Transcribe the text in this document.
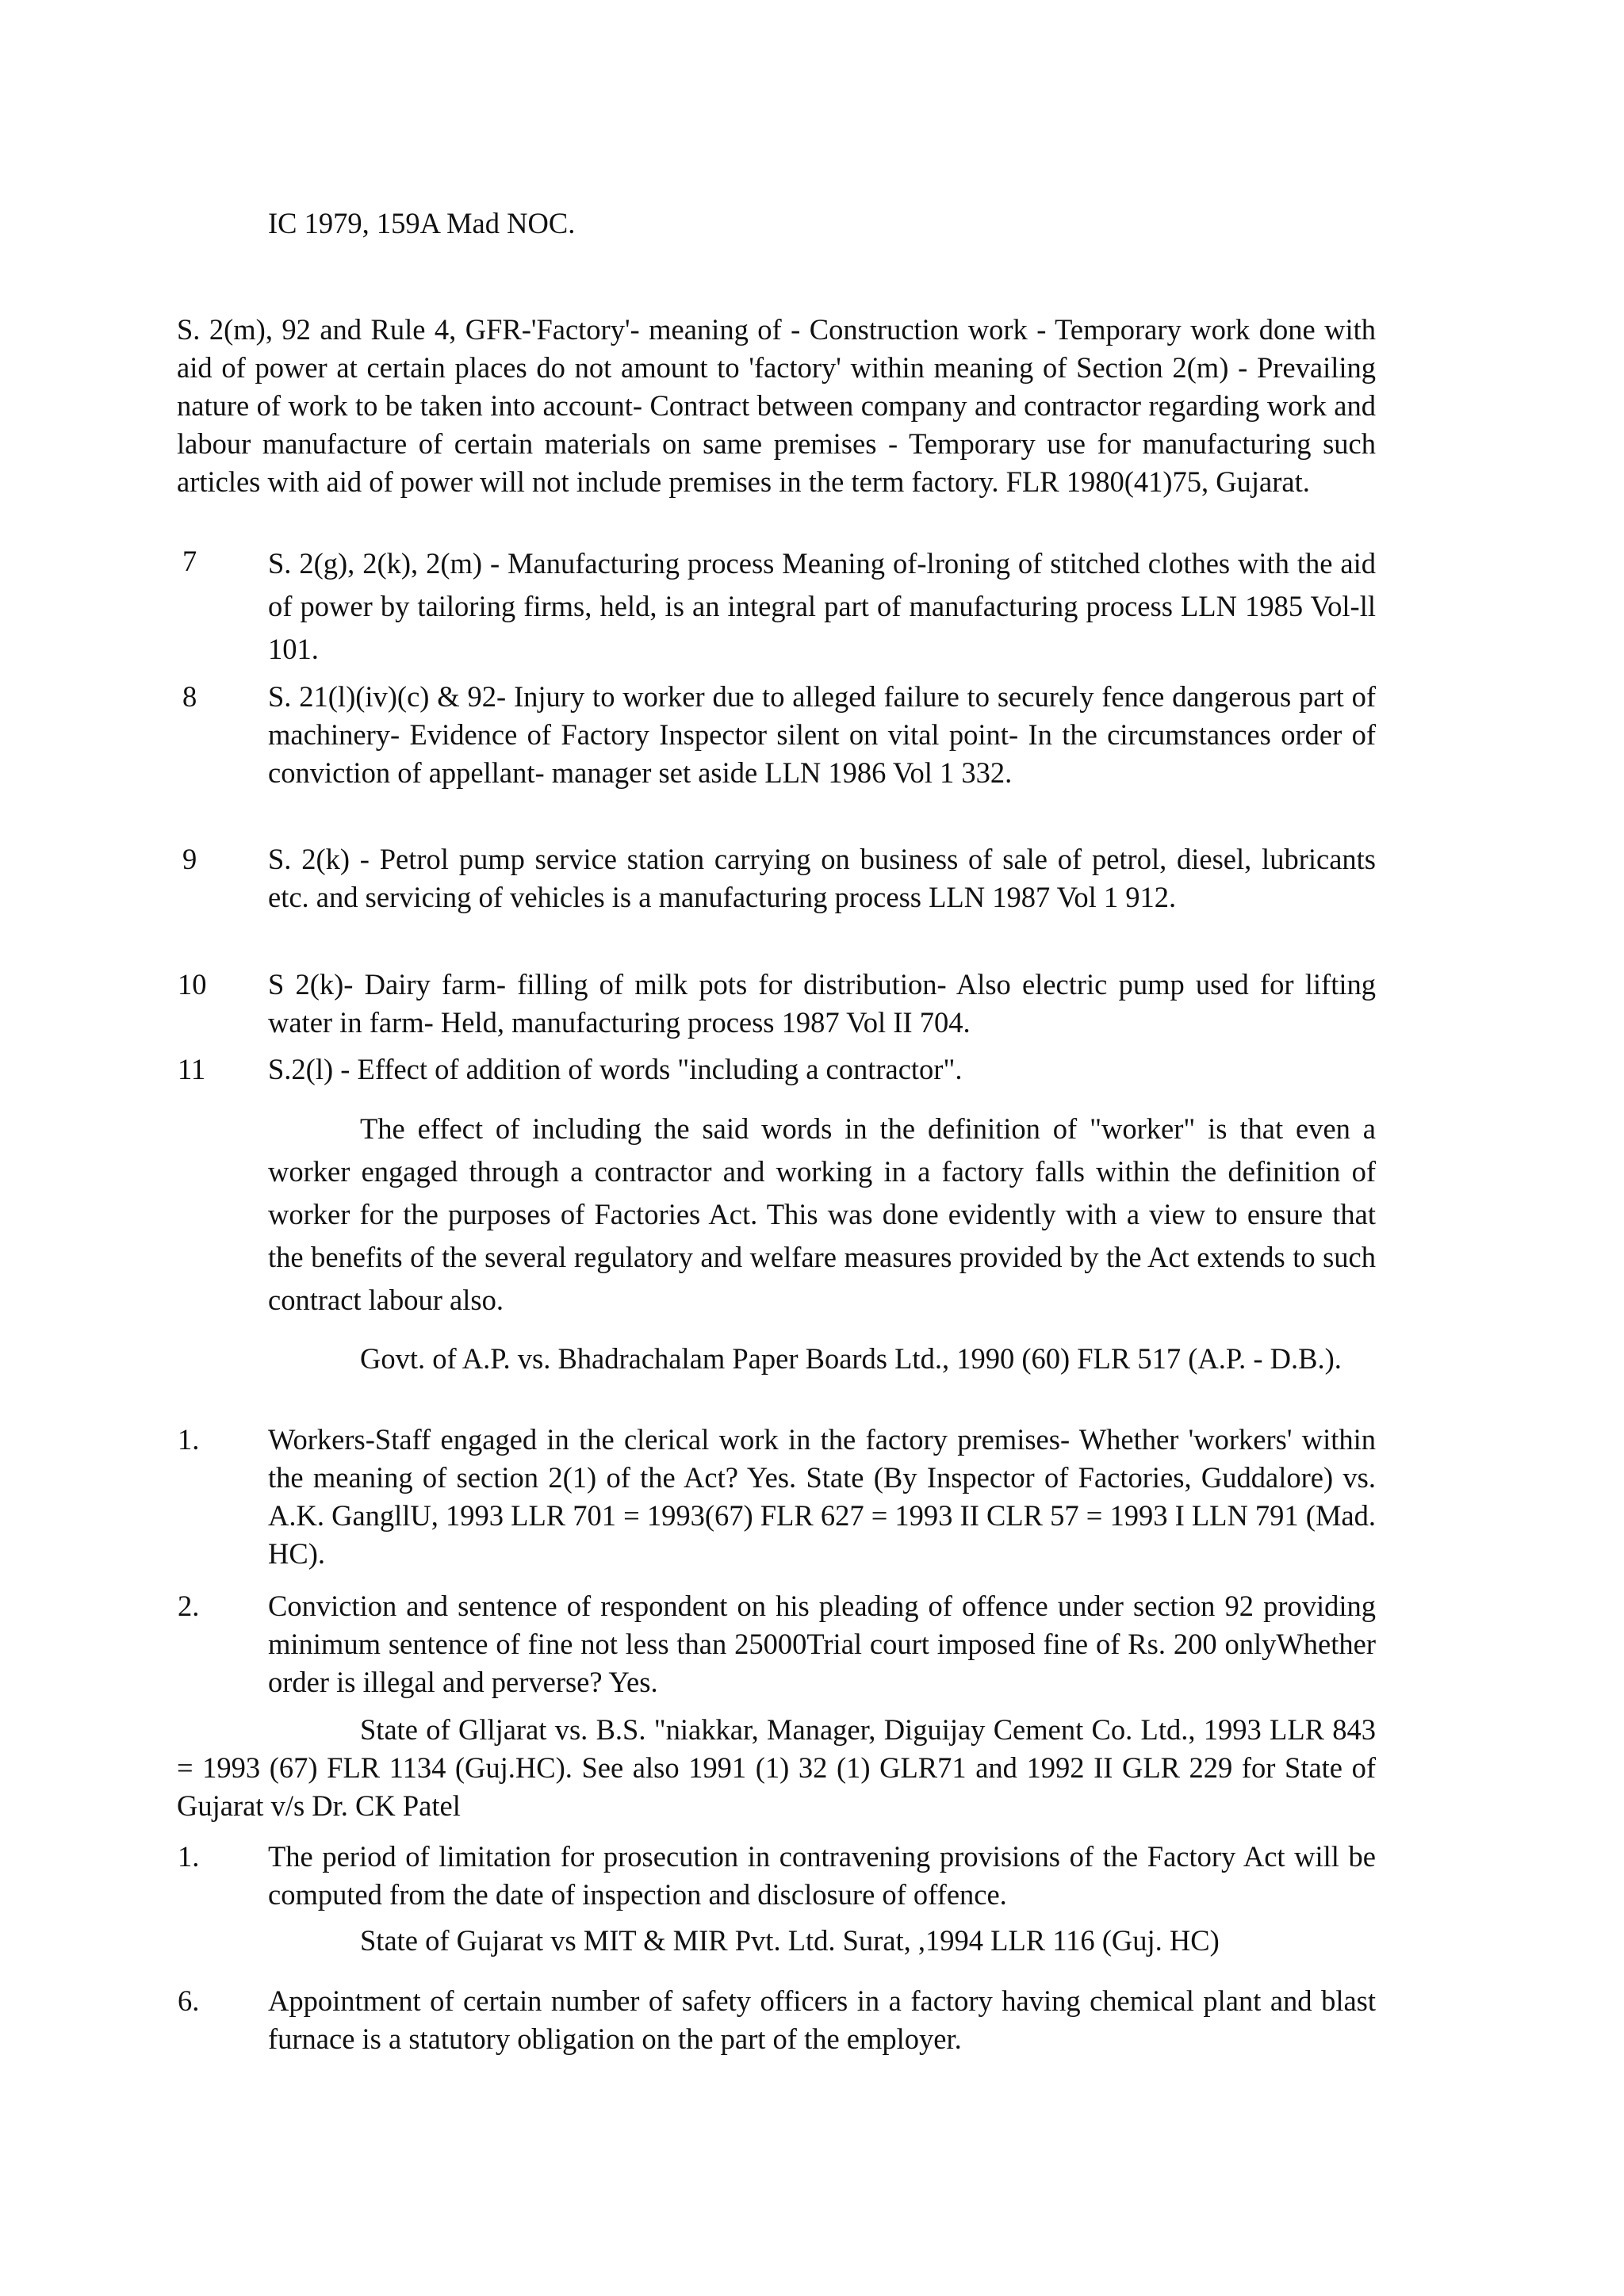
IC 1979, 159A Mad NOC.
S. 2(m), 92 and Rule 4, GFR-'Factory'- meaning of - Construction work - Temporary work done with aid of power at certain places do not amount to 'factory' within meaning of Section 2(m) - Prevailing nature of work to be taken into account- Contract between company and contractor regarding work and labour manufacture of certain materials on same premises - Temporary use for manufacturing such articles with aid of power will not include premises in the term factory. FLR 1980(41)75, Gujarat.
7 S. 2(g), 2(k), 2(m) - Manufacturing process Meaning of-lroning of stitched clothes with the aid of power by tailoring firms, held, is an integral part of manufacturing process LLN 1985 Vol-ll 101.
8 S. 21(l)(iv)(c) & 92- Injury to worker due to alleged failure to securely fence dangerous part of machinery- Evidence of Factory Inspector silent on vital point- In the circumstances order of conviction of appellant- manager set aside LLN 1986 Vol 1 332.
9 S. 2(k) - Petrol pump service station carrying on business of sale of petrol, diesel, lubricants etc. and servicing of vehicles is a manufacturing process LLN 1987 Vol 1 912.
10 S 2(k)- Dairy farm- filling of milk pots for distribution- Also electric pump used for lifting water in farm- Held, manufacturing process 1987 Vol II 704.
11 S.2(l) - Effect of addition of words "including a contractor".
The effect of including the said words in the definition of "worker" is that even a worker engaged through a contractor and working in a factory falls within the definition of worker for the purposes of Factories Act. This was done evidently with a view to ensure that the benefits of the several regulatory and welfare measures provided by the Act extends to such contract labour also.
Govt. of A.P. vs. Bhadrachalam Paper Boards Ltd., 1990 (60) FLR 517 (A.P. - D.B.).
1. Workers-Staff engaged in the clerical work in the factory premises- Whether 'workers' within the meaning of section 2(1) of the Act? Yes. State (By Inspector of Factories, Guddalore) vs. A.K. GangllU, 1993 LLR 701 = 1993(67) FLR 627 = 1993 II CLR 57 = 1993 I LLN 791 (Mad. HC).
2. Conviction and sentence of respondent on his pleading of offence under section 92 providing minimum sentence of fine not less than 25000Trial court imposed fine of Rs. 200 onlyWhether order is illegal and perverse? Yes.
State of Glljarat vs. B.S. "niakkar, Manager, Diguijay Cement Co. Ltd., 1993 LLR 843 = 1993 (67) FLR 1134 (Guj.HC). See also 1991 (1) 32 (1) GLR71 and 1992 II GLR 229 for State of Gujarat v/s Dr. CK Patel
1. The period of limitation for prosecution in contravening provisions of the Factory Act will be computed from the date of inspection and disclosure of offence.
State of Gujarat vs MIT & MIR Pvt. Ltd. Surat, ,1994 LLR 116 (Guj. HC)
6. Appointment of certain number of safety officers in a factory having chemical plant and blast furnace is a statutory obligation on the part of the employer.
